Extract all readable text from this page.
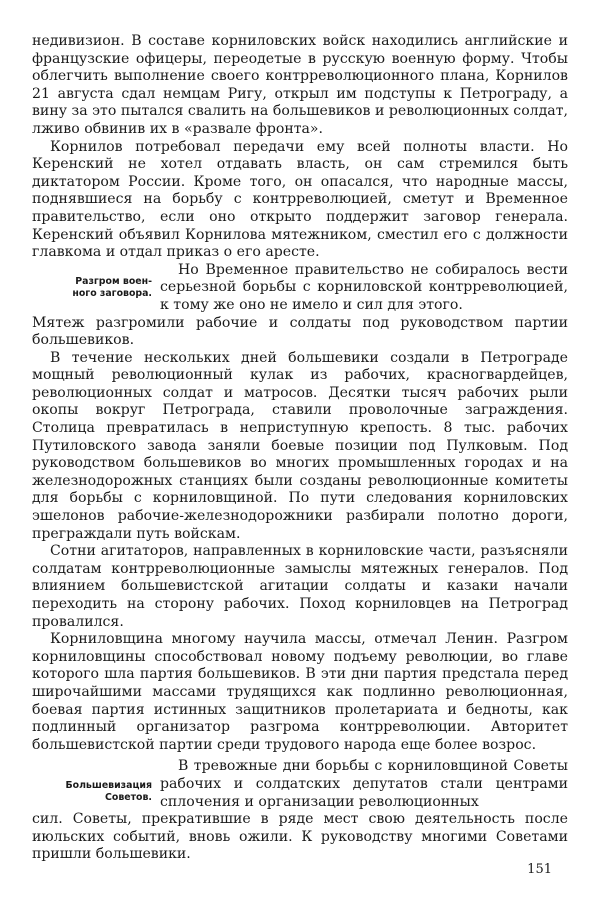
недивизион. В составе корниловских войск находились английские и французские офицеры, переодетые в русскую военную форму. Чтобы облегчить выполнение своего контрреволюционного плана, Корнилов 21 августа сдал немцам Ригу, открыл им подступы к Петрограду, а вину за это пытался свалить на большевиков и революционных солдат, лживо обвинив их в «развале фронта».

Корнилов потребовал передачи ему всей полноты власти. Но Керенский не хотел отдавать власть, он сам стремился быть диктатором России. Кроме того, он опасался, что народные массы, поднявшиеся на борьбу с контрреволюцией, сметут и Временное правительство, если оно открыто поддержит заговор генерала. Керенский объявил Корнилова мятежником, сместил его с должности главкома и отдал приказ о его аресте.

Разгром воен-
ного заговора.

Но Временное правительство не собиралось вести серьезной борьбы с корниловской контрреволюцией, к тому же оно не имело и сил для этого.

Мятеж разгромили рабочие и солдаты под руководством партии большевиков.

В течение нескольких дней большевики создали в Петрограде мощный революционный кулак из рабочих, красногвардейцев, революционных солдат и матросов. Десятки тысяч рабочих рыли окопы вокруг Петрограда, ставили проволочные заграждения. Столица превратилась в неприступную крепость. 8 тыс. рабочих Путиловского завода заняли боевые позиции под Пулковым. Под руководством большевиков во многих промышленных городах и на железнодорожных станциях были созданы революционные комитеты для борьбы с корниловщиной. По пути следования корниловских эшелонов рабочие-железнодорожники разбирали полотно дороги, преграждали путь войскам.

Сотни агитаторов, направленных в корниловские части, разъясняли солдатам контрреволюционные замыслы мятежных генералов. Под влиянием большевистской агитации солдаты и казаки начали переходить на сторону рабочих. Поход корниловцев на Петроград провалился.

Корниловщина многому научила массы, отмечал Ленин. Разгром корниловщины способствовал новому подъему революции, во главе которого шла партия большевиков. В эти дни партия предстала перед широчайшими массами трудящихся как подлинно революционная, боевая партия истинных защитников пролетариата и бедноты, как подлинный организатор разгрома контрреволюции. Авторитет большевистской партии среди трудового народа еще более возрос.

Большевизация
Советов.

В тревожные дни борьбы с корниловщиной Советы рабочих и солдатских депутатов стали центрами сплочения и организации революционных

сил. Советы, прекратившие в ряде мест свою деятельность после июльских событий, вновь ожили. К руководству многими Советами пришли большевики.

151
